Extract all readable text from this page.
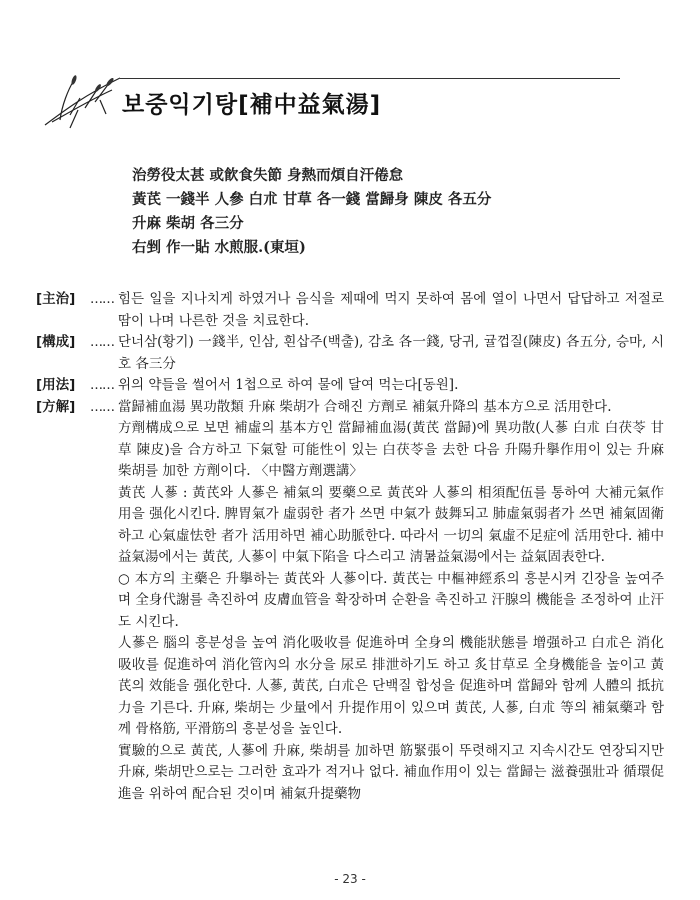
보중익기탕[補中益氣湯]
治勞役太甚 或飮食失節 身熱而煩自汗倦怠
黃芪 一錢半 人參 白朮 甘草 各一錢 當歸身 陳皮 各五分
升麻 柴胡 各三分
右剉 作一貼 水煎服.(東垣)
[主治]	…… 힘든 일을 지나치게 하였거나 음식을 제때에 먹지 못하여 몸에 열이 나면서 답답하고 저절로 땀이 나며 나른한 것을 치료한다.

[構成]	…… 단너삼(황기) 一錢半, 인삼, 흰삽주(백출), 감초 各一錢, 당귀, 귤껍질(陳皮) 各五分, 승마, 시호 各三分

[用法]	…… 위의 약들을 썰어서 1첩으로 하여 물에 달여 먹는다[동원].

[方解]	…… 當歸補血湯 異功散類 升麻 柴胡가 合해진 方劑로 補氣升降의 基本方으로 活用한다.

方劑構成으로 보면 補虛의 基本方인 當歸補血湯(黃芪 當歸)에 異功散(人蔘 白朮 白茯苓 甘草 陳皮)을 合方하고 下氣할 可能性이 있는 白茯苓을 去한 다음 升陽升擧作用이 있는 升麻 柴胡를 加한 方劑이다. 〈中醫方劑選講〉

黃芪 人蔘 : 黃芪와 人蔘은 補氣의 要藥으로 黃芪와 人蔘의 相須配伍를 통하여 大補元氣作用을 强化시킨다. 脾胃氣가 虛弱한 者가 쓰면 中氣가 鼓舞되고 肺虛氣弱者가 쓰면 補氣固衛하고 心氣虛怯한 者가 活用하면 補心助脈한다. 따라서 一切의 氣虛不足症에 活用한다. 補中益氣湯에서는 黃芪, 人蔘이 中氣下陷을 다스리고 淸暑益氣湯에서는 益氣固表한다.

○ 本方의 主藥은 升擧하는 黃芪와 人蔘이다. 黃芪는 中樞神經系의 흥분시켜 긴장을 높여주며 全身代謝를 촉진하여 皮膚血管을 확장하며 순환을 촉진하고 汗腺의 機能을 조정하여 止汗도 시킨다.

人蔘은 腦의 흥분성을 높여 消化吸收를 促進하며 全身의 機能狀態를 增强하고 白朮은 消化吸收를 促進하여 消化管內의 水分을 尿로 排泄하기도 하고 炙甘草로 全身機能을 높이고 黃芪의 效能을 强化한다. 人蔘, 黃芪, 白朮은 단백질 합성을 促進하며 當歸와 함께 人體의 抵抗力을 기른다. 升麻, 柴胡는 少量에서 升提作用이 있으며 黃芪, 人蔘, 白朮 等의 補氣藥과 함께 骨格筋, 平滑筋의 흥분성을 높인다.

實驗的으로 黃芪, 人蔘에 升麻, 柴胡를 加하면 筋緊張이 뚜렷해지고 지속시간도 연장되지만 升麻, 柴胡만으로는 그러한 효과가 적거나 없다. 補血作用이 있는 當歸는 滋養强壯과 循環促進을 위하여 配合된 것이며 補氣升提藥物

- 23 -
